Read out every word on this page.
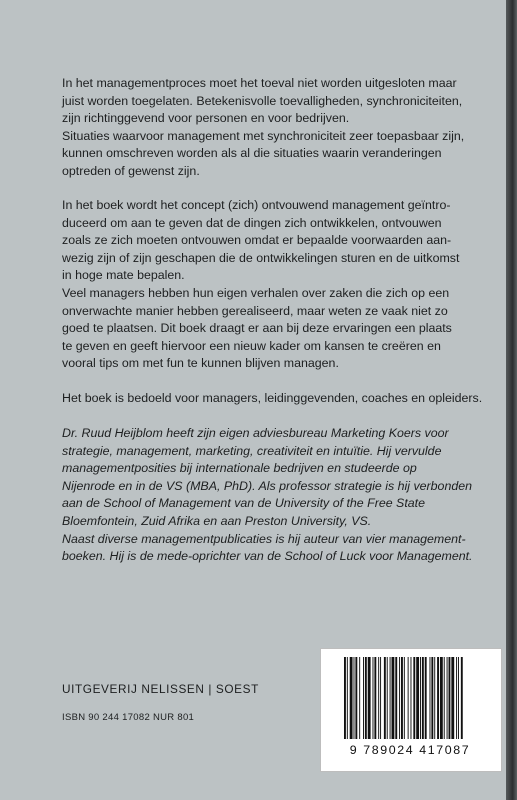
In het managementproces moet het toeval niet worden uitgesloten maar

juist worden toegelaten. Betekenisvolle toevalligheden, synchroniciteiten,

zijn richtinggevend voor personen en voor bedrijven.

Situaties waarvoor management met synchroniciteit zeer toepasbaar zijn,

kunnen omschreven worden als al die situaties waarin veranderingen

optreden of gewenst zijn.

In het boek wordt het concept (zich) ontvouwend management geïntro-

duceerd om aan te geven dat de dingen zich ontwikkelen, ontvouwen

zoals ze zich moeten ontvouwen omdat er bepaalde voorwaarden aan-

wezig zijn of zijn geschapen die de ontwikkelingen sturen en de uitkomst

in hoge mate bepalen.

Veel managers hebben hun eigen verhalen over zaken die zich op een

onverwachte manier hebben gerealiseerd, maar weten ze vaak niet zo

goed te plaatsen. Dit boek draagt er aan bij deze ervaringen een plaats

te geven en geeft hiervoor een nieuw kader om kansen te creëren en

vooral tips om met fun te kunnen blijven managen.

Het boek is bedoeld voor managers, leidinggevenden, coaches en opleiders.

Dr. Ruud Heijblom heeft zijn eigen adviesbureau Marketing Koers voor

strategie, management, marketing, creativiteit en intuïtie. Hij vervulde

managementposities bij internationale bedrijven en studeerde op

Nijenrode en in de VS (MBA, PhD). Als professor strategie is hij verbonden

aan de School of Management van de University of the Free State

Bloemfontein, Zuid Afrika en aan Preston University, VS.

Naast diverse managementpublicaties is hij auteur van vier management-

boeken. Hij is de mede-oprichter van de School of Luck voor Management.

UITGEVERIJ NELISSEN | SOEST
ISBN 90 244 17082 NUR 801
9 789024 417087
